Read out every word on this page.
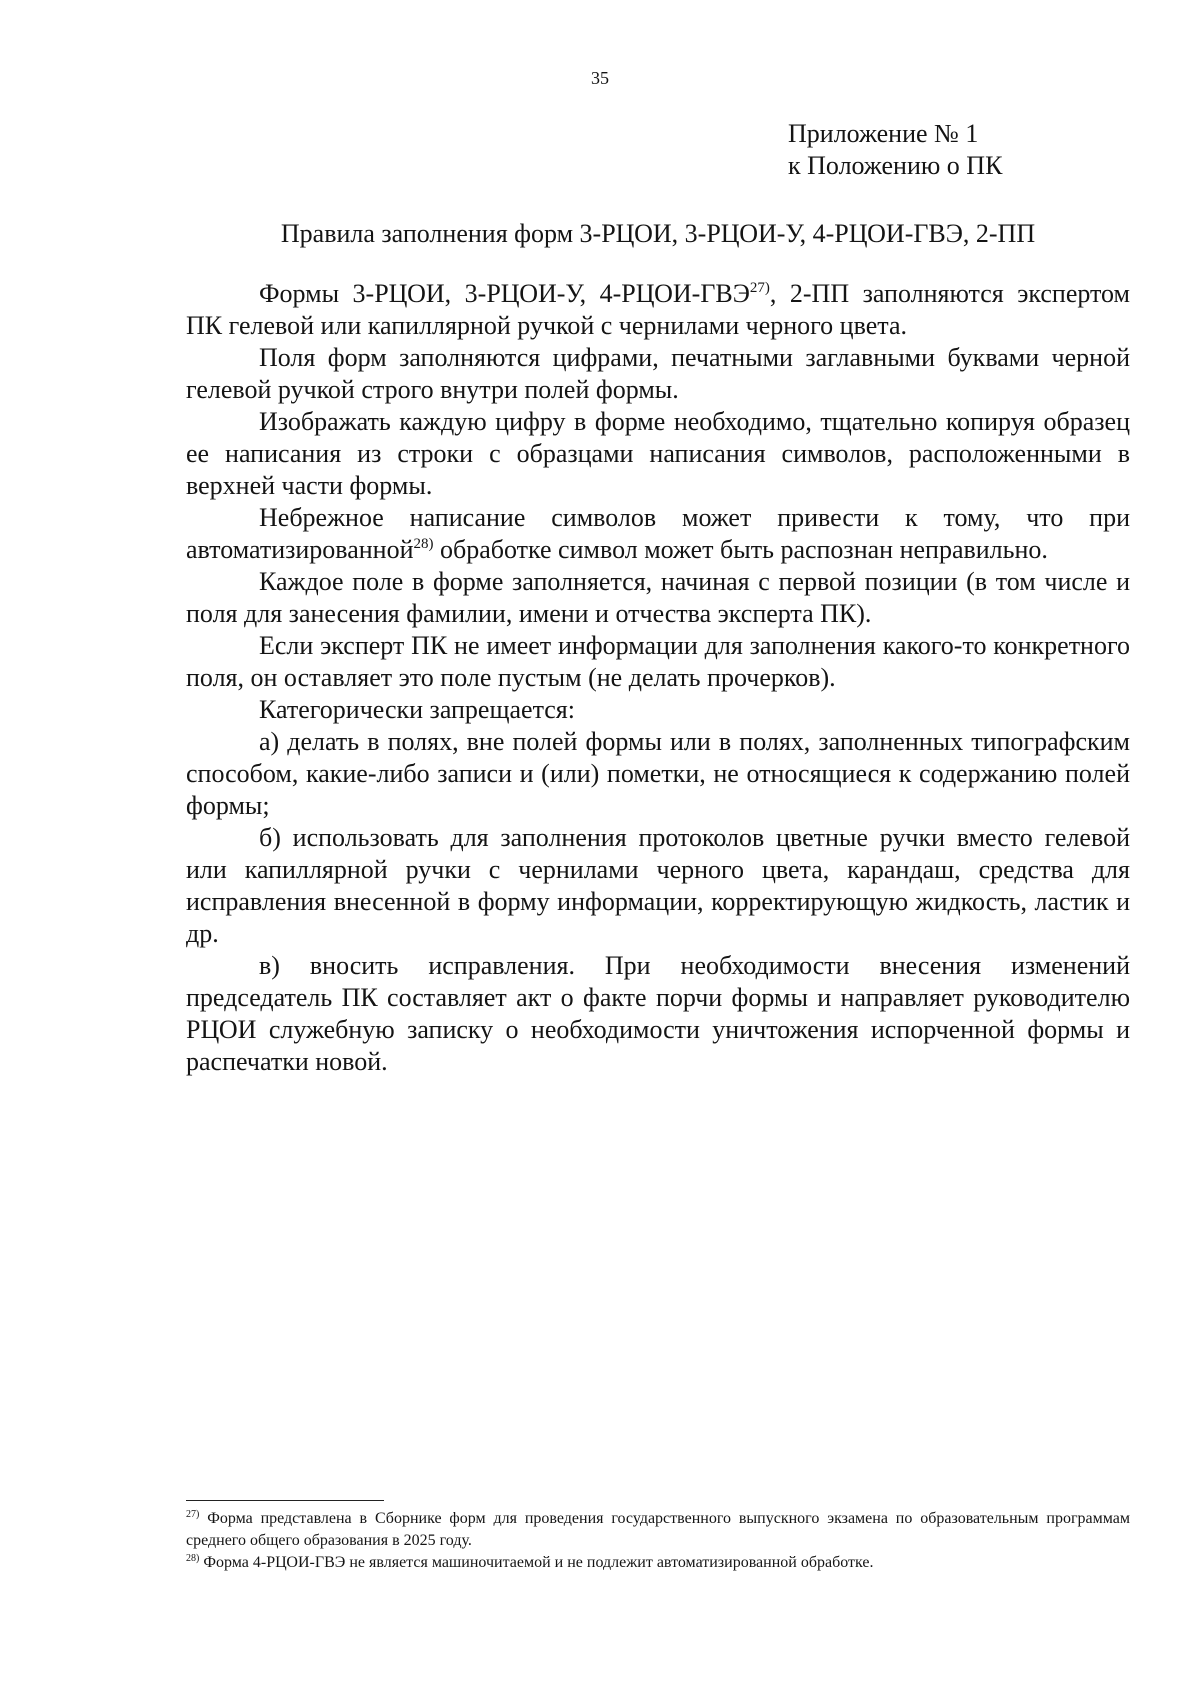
35
Приложение № 1
к Положению о ПК
Правила заполнения форм 3-РЦОИ, 3-РЦОИ-У, 4-РЦОИ-ГВЭ, 2-ПП

Формы 3-РЦОИ, 3-РЦОИ-У, 4-РЦОИ-ГВЭ$^{27)}$, 2-ПП заполняются экспертом ПК гелевой или капиллярной ручкой с чернилами черного цвета.

Поля форм заполняются цифрами, печатными заглавными буквами черной гелевой ручкой строго внутри полей формы.

Изображать каждую цифру в форме необходимо, тщательно копируя образец ее написания из строки с образцами написания символов, расположенными в верхней части формы.

Небрежное написание символов может привести к тому, что при автоматизированной$^{28)}$ обработке символ может быть распознан неправильно.

Каждое поле в форме заполняется, начиная с первой позиции (в том числе и поля для занесения фамилии, имени и отчества эксперта ПК).

Если эксперт ПК не имеет информации для заполнения какого-то конкретного поля, он оставляет это поле пустым (не делать прочерков).

Категорически запрещается:

а) делать в полях, вне полей формы или в полях, заполненных типографским способом, какие-либо записи и (или) пометки, не относящиеся к содержанию полей формы;

б) использовать для заполнения протоколов цветные ручки вместо гелевой или капиллярной ручки с чернилами черного цвета, карандаш, средства для исправления внесенной в форму информации, корректирующую жидкость, ластик и др.

в) вносить исправления. При необходимости внесения изменений председатель ПК составляет акт о факте порчи формы и направляет руководителю РЦОИ служебную записку о необходимости уничтожения испорченной формы и распечатки новой.

$^{27)}$ Форма представлена в Сборнике форм для проведения государственного выпускного экзамена по образовательным программам среднего общего образования в 2025 году.

$^{28)}$ Форма 4-РЦОИ-ГВЭ не является машиночитаемой и не подлежит автоматизированной обработке.
